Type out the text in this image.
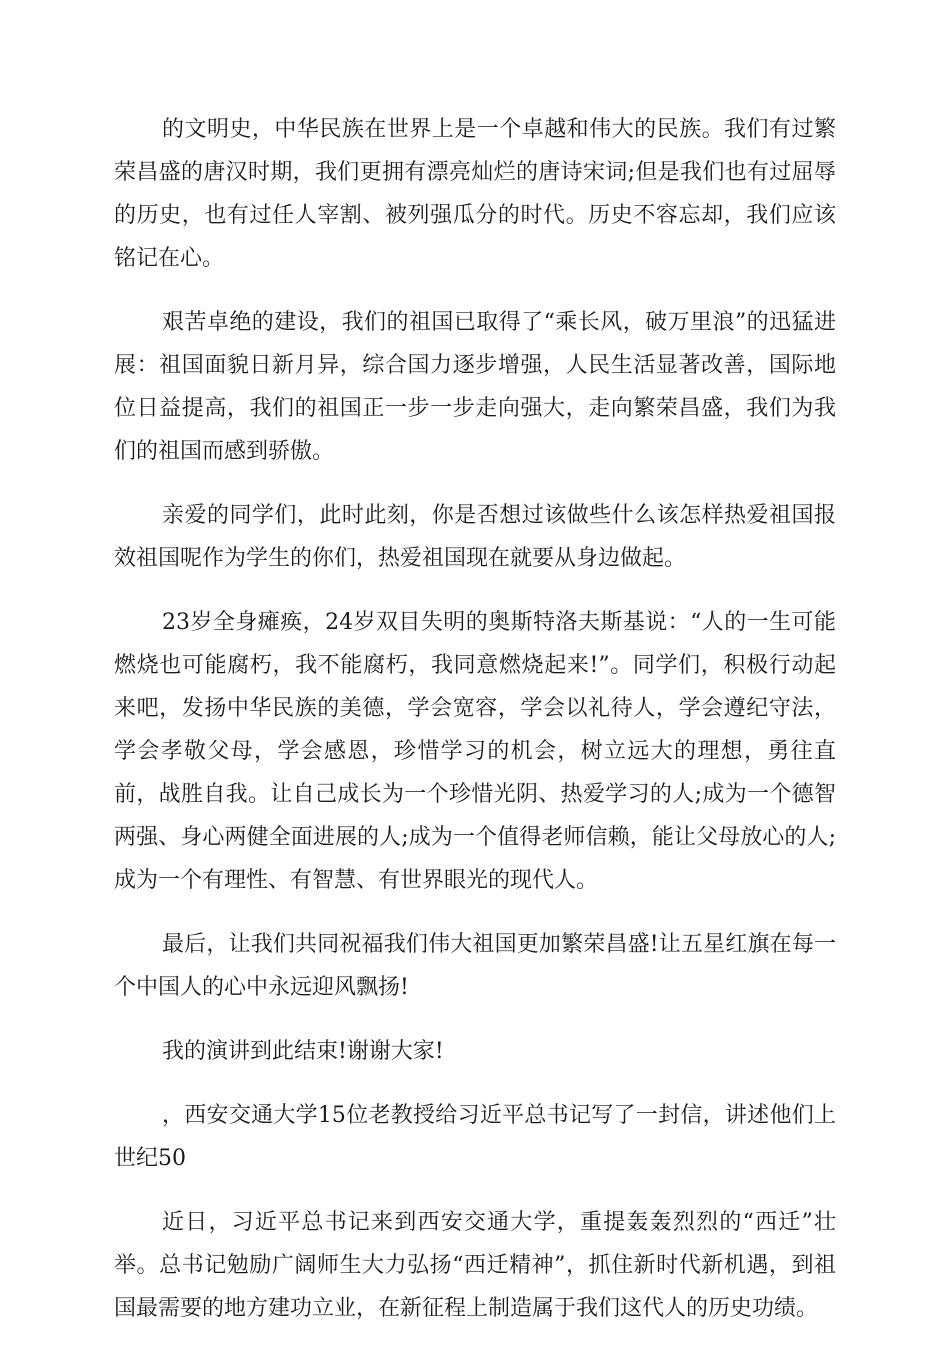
的文明史，中华民族在世界上是一个卓越和伟大的民族。我们有过繁荣昌盛的唐汉时期，我们更拥有漂亮灿烂的唐诗宋词;但是我们也有过屈辱的历史，也有过任人宰割、被列强瓜分的时代。历史不容忘却，我们应该铭记在心。

艰苦卓绝的建设，我们的祖国已取得了“乘长风，破万里浪”的迅猛进展：祖国面貌日新月异，综合国力逐步增强，人民生活显著改善，国际地位日益提高，我们的祖国正一步一步走向强大，走向繁荣昌盛，我们为我们的祖国而感到骄傲。

亲爱的同学们，此时此刻，你是否想过该做些什么该怎样热爱祖国报效祖国呢作为学生的你们，热爱祖国现在就要从身边做起。

23岁全身瘫痪，24岁双目失明的奥斯特洛夫斯基说：“人的一生可能燃烧也可能腐朽，我不能腐朽，我同意燃烧起来!”。同学们，积极行动起来吧，发扬中华民族的美德，学会宽容，学会以礼待人，学会遵纪守法，学会孝敬父母，学会感恩，珍惜学习的机会，树立远大的理想，勇往直前，战胜自我。让自己成长为一个珍惜光阴、热爱学习的人;成为一个德智两强、身心两健全面进展的人;成为一个值得老师信赖，能让父母放心的人;成为一个有理性、有智慧、有世界眼光的现代人。

最后，让我们共同祝福我们伟大祖国更加繁荣昌盛!让五星红旗在每一个中国人的心中永远迎风飘扬!

我的演讲到此结束!谢谢大家!

，西安交通大学15位老教授给习近平总书记写了一封信，讲述他们上世纪50

近日，习近平总书记来到西安交通大学，重提轰轰烈烈的“西迁”壮举。总书记勉励广阔师生大力弘扬“西迁精神”，抓住新时代新机遇，到祖国最需要的地方建功立业，在新征程上制造属于我们这代人的历史功绩。
